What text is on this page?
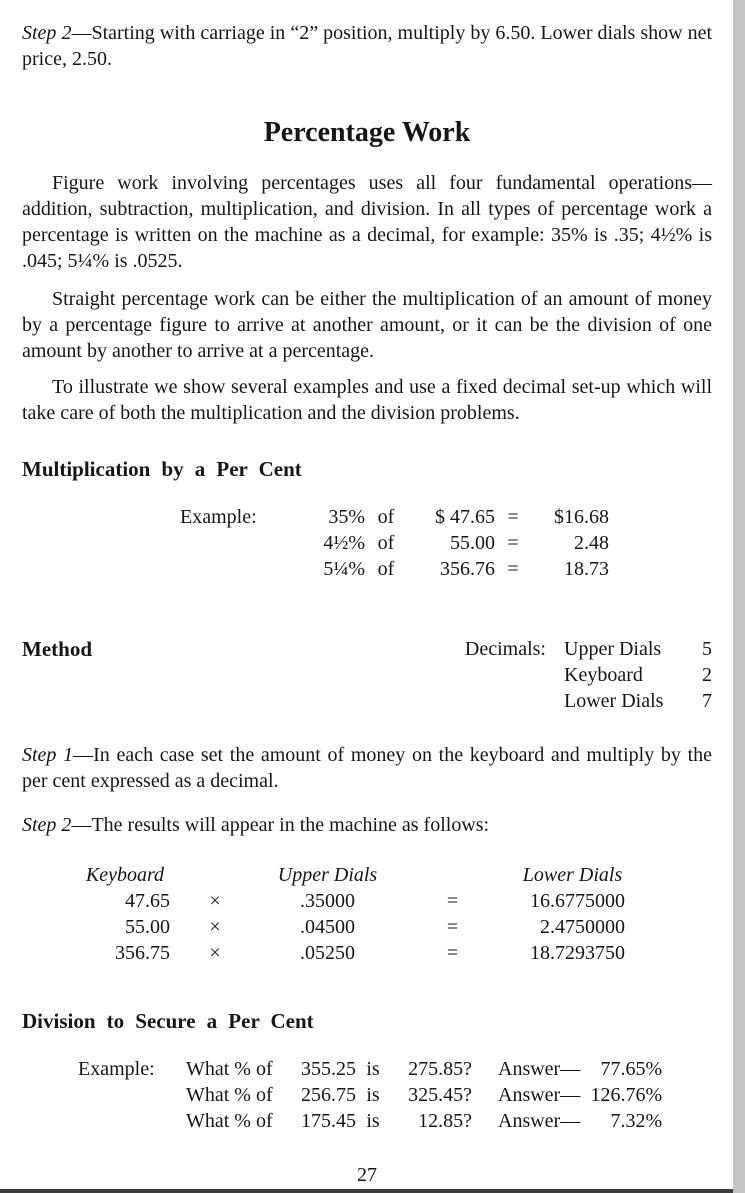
Step 2—Starting with carriage in “2” position, multiply by 6.50. Lower dials show net price, 2.50.

Percentage Work

Figure work involving percentages uses all four fundamental operations—addition, subtraction, multiplication, and division. In all types of percentage work a percentage is written on the machine as a decimal, for example: 35% is .35; 4½% is .045; 5¼% is .0525.

Straight percentage work can be either the multiplication of an amount of money by a percentage figure to arrive at another amount, or it can be the division of one amount by another to arrive at a percentage.

To illustrate we show several examples and use a fixed decimal set-up which will take care of both the multiplication and the division problems.

Multiplication by a Per Cent
Example:	35% of	$ 47.65 =	$16.68
4½% of	55.00 =	2.48
5¼% of	356.76 =	18.73
Method	Decimals: Upper Dials 5
Keyboard	2
Lower Dials 7

Step 1—In each case set the amount of money on the keyboard and multiply by the per cent expressed as a decimal.

Step 2—The results will appear in the machine as follows:

Keyboard	Upper Dials	Lower Dials
47.65	×	.35000	=	16.6775000
55.00	×	.04500	=	2.4750000
356.75	×	.05250	=	18.7293750
Division to Secure a Per Cent
Example:	What % of	355.25 is	275.85? Answer—	77.65%
What % of	256.75 is	325.45? Answer— 126.76%
What % of	175.45 is	12.85? Answer—	7.32%
27
